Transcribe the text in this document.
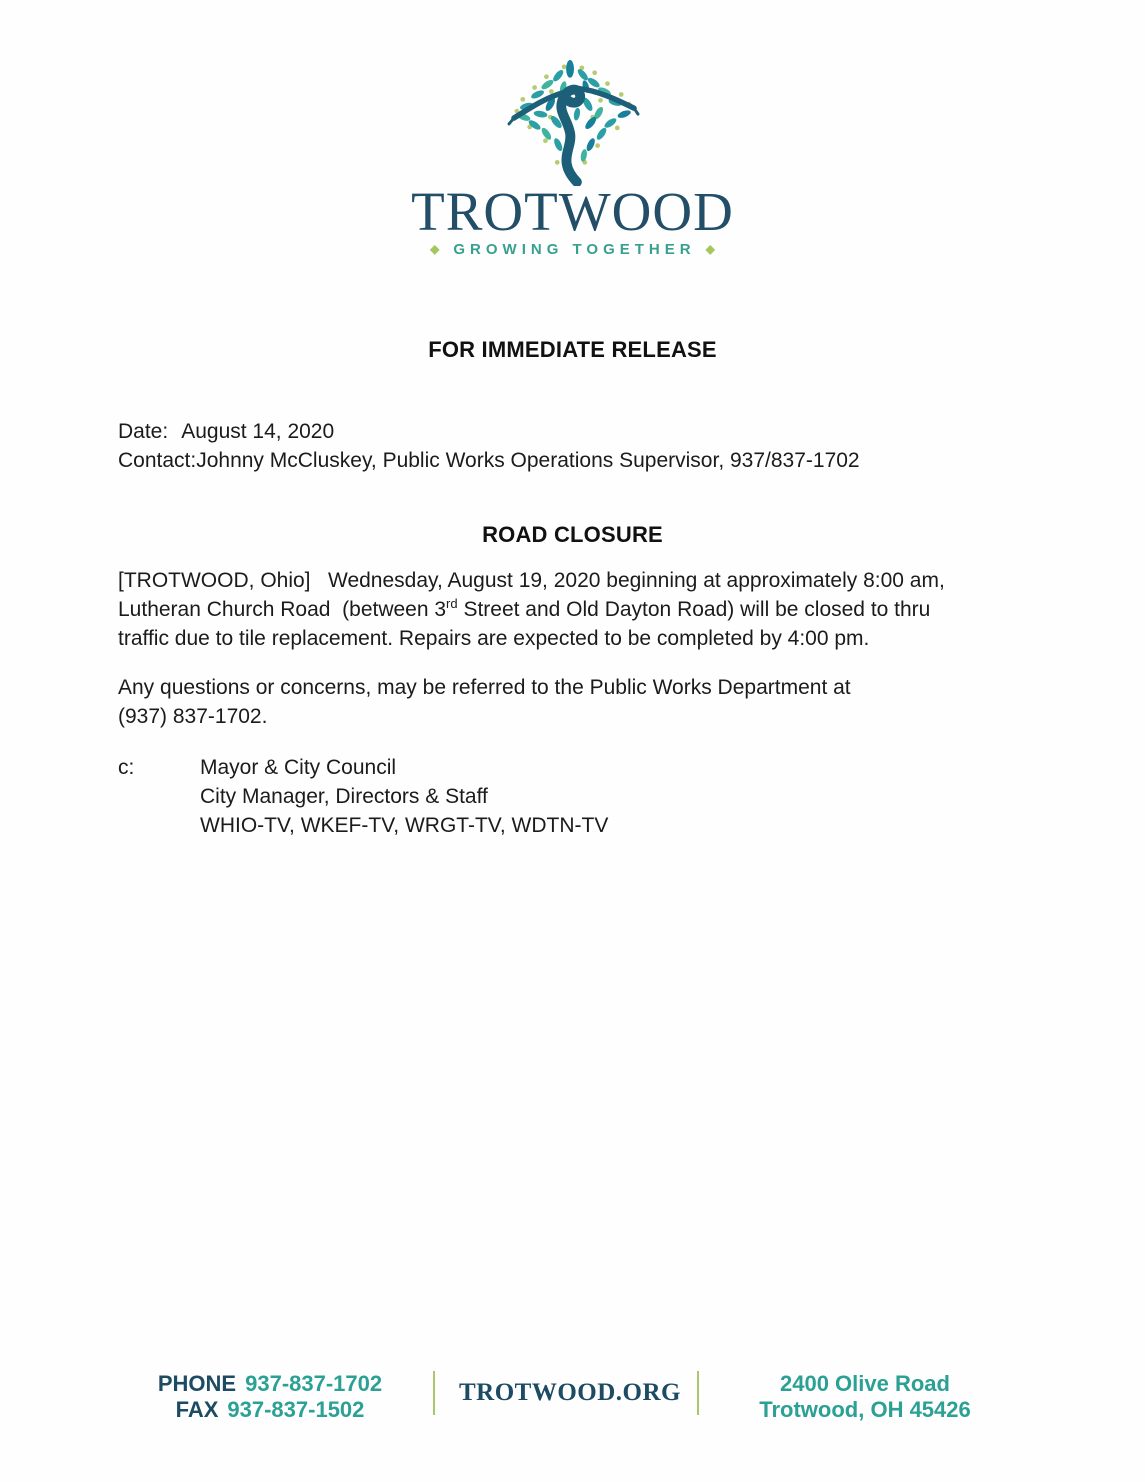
TROTWOOD
◆ GROWING TOGETHER ◆
FOR IMMEDIATE RELEASE
Date: August 14, 2020
Contact:Johnny McCluskey, Public Works Operations Supervisor, 937/837-1702
ROAD CLOSURE
[TROTWOOD, Ohio]   Wednesday, August 19, 2020 beginning at approximately 8:00 am,
Lutheran Church Road  (between 3rd Street and Old Dayton Road) will be closed to thru
traffic due to tile replacement. Repairs are expected to be completed by 4:00 pm.
Any questions or concerns, may be referred to the Public Works Department at
(937) 837-1702.
c:	Mayor & City Council
City Manager, Directors & Staff
WHIO-TV, WKEF-TV, WRGT-TV, WDTN-TV
PHONE 937-837-1702
FAX 937-837-1502
TROTWOOD.ORG	2400 Olive Road
Trotwood, OH 45426
